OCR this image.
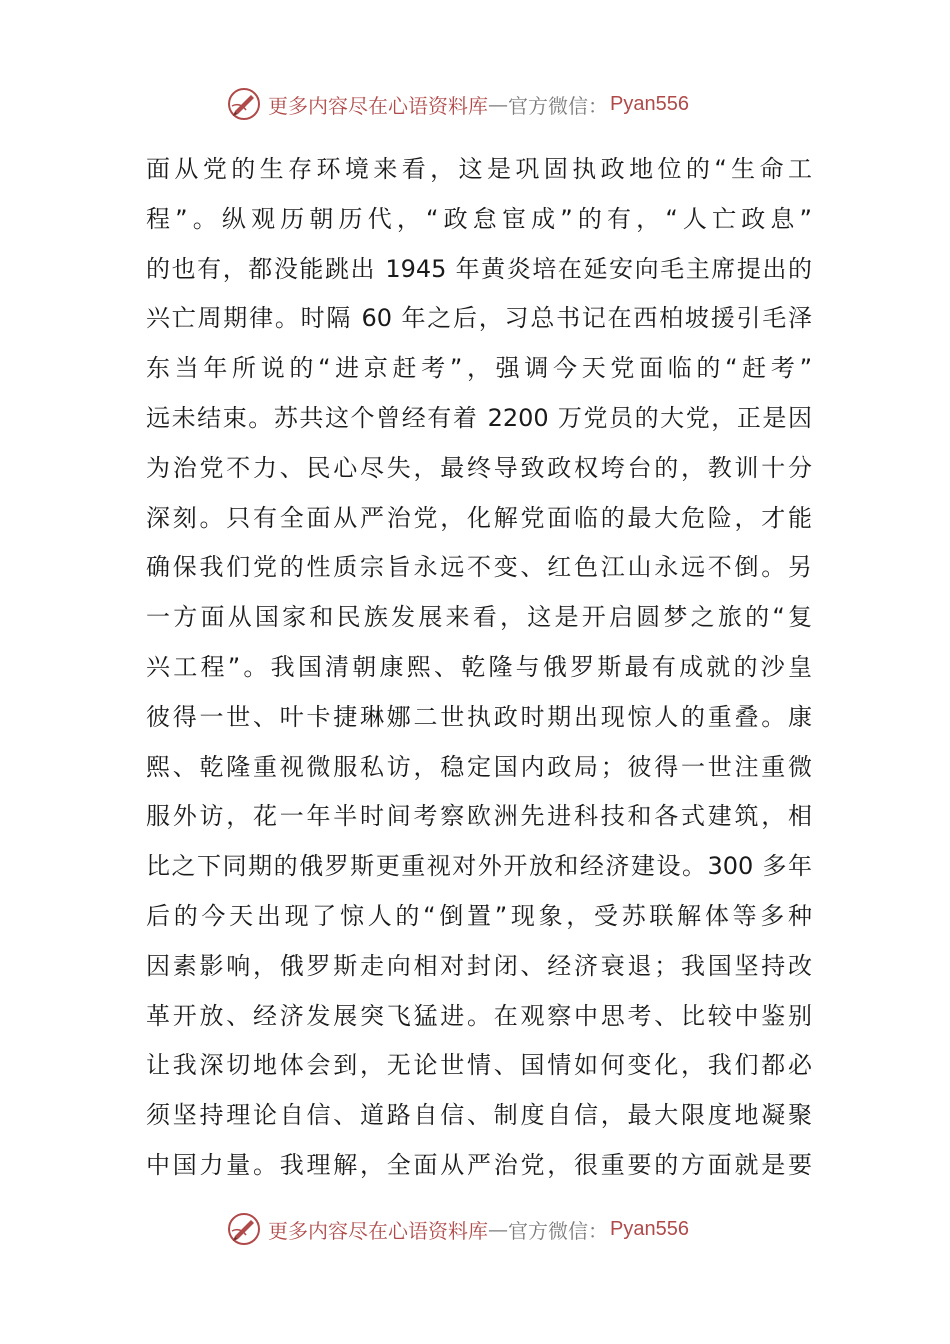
更多内容尽在心语资料库 — 官方微信： Pyan556
面从党的生存环境来看，这是巩固执政地位的“生命工
程”。纵观历朝历代，“政怠宦成”的有，“人亡政息”
的也有，都没能跳出 1945 年黄炎培在延安向毛主席提出的
兴亡周期律。时隔 60 年之后，习总书记在西柏坡援引毛泽
东当年所说的“进京赶考”，强调今天党面临的“赶考”
远未结束。苏共这个曾经有着 2200 万党员的大党，正是因
为治党不力、民心尽失，最终导致政权垮台的，教训十分
深刻。只有全面从严治党，化解党面临的最大危险，才能
确保我们党的性质宗旨永远不变、红色江山永远不倒。另
一方面从国家和民族发展来看，这是开启圆梦之旅的“复
兴工程”。我国清朝康熙、乾隆与俄罗斯最有成就的沙皇
彼得一世、叶卡捷琳娜二世执政时期出现惊人的重叠。康
熙、乾隆重视微服私访，稳定国内政局；彼得一世注重微
服外访，花一年半时间考察欧洲先进科技和各式建筑，相
比之下同期的俄罗斯更重视对外开放和经济建设。300 多年
后的今天出现了惊人的“倒置”现象，受苏联解体等多种
因素影响，俄罗斯走向相对封闭、经济衰退；我国坚持改
革开放、经济发展突飞猛进。在观察中思考、比较中鉴别
让我深切地体会到，无论世情、国情如何变化，我们都必
须坚持理论自信、道路自信、制度自信，最大限度地凝聚
中国力量。我理解，全面从严治党，很重要的方面就是要
更多内容尽在心语资料库 — 官方微信： Pyan556
